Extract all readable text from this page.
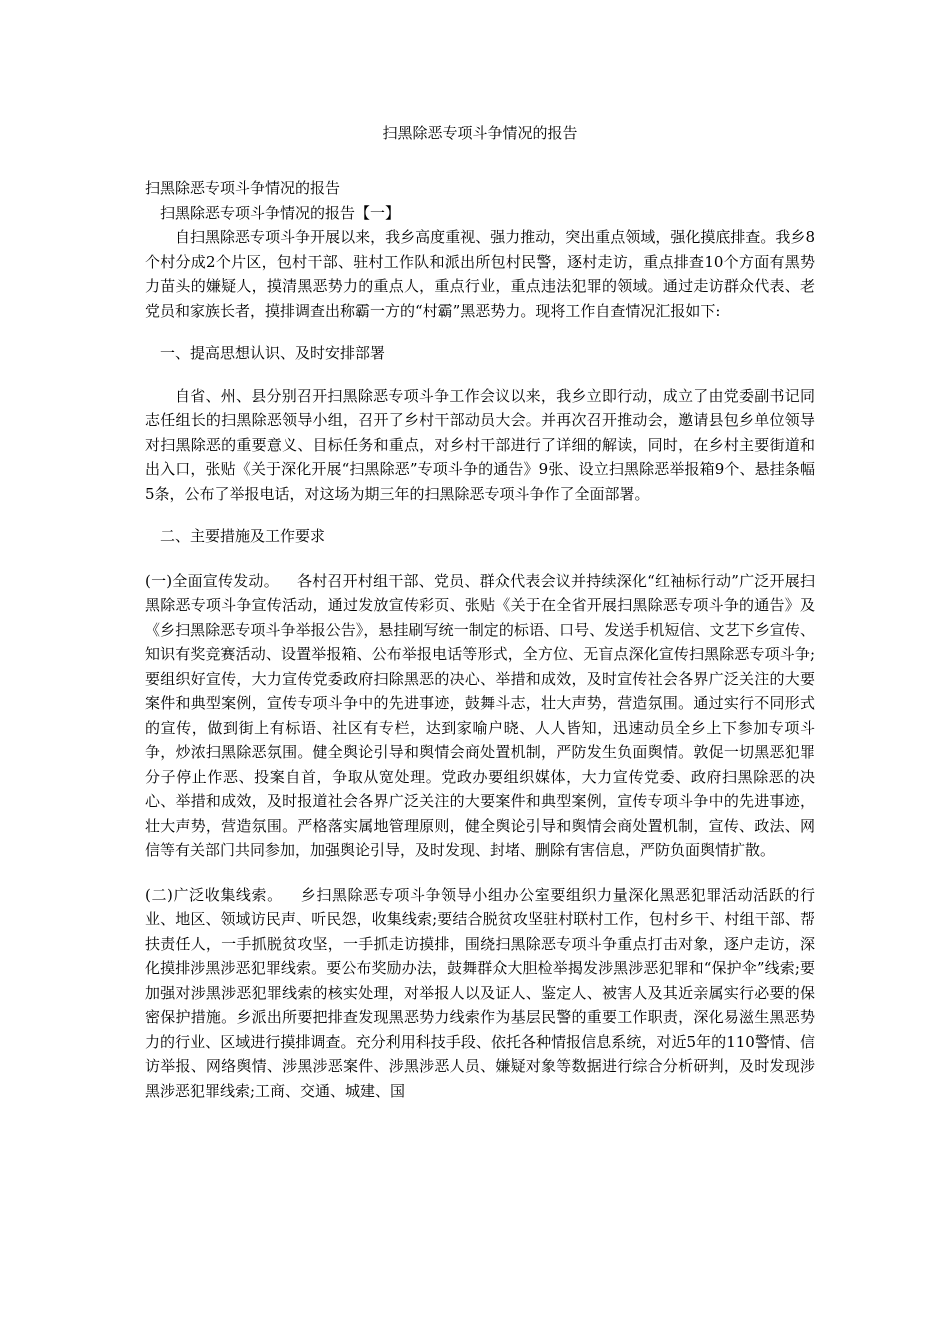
扫黑除恶专项斗争情况的报告

扫黑除恶专项斗争情况的报告

扫黑除恶专项斗争情况的报告【一】

自扫黑除恶专项斗争开展以来，我乡高度重视、强力推动，突出重点领域，强化摸底排查。我乡8个村分成2个片区，包村干部、驻村工作队和派出所包村民警，逐村走访，重点排查10个方面有黑势力苗头的嫌疑人，摸清黑恶势力的重点人，重点行业，重点违法犯罪的领域。通过走访群众代表、老党员和家族长者，摸排调查出称霸一方的“村霸”黑恶势力。现将工作自查情况汇报如下:

一、提高思想认识、及时安排部署

自省、州、县分别召开扫黑除恶专项斗争工作会议以来，我乡立即行动，成立了由党委副书记同志任组长的扫黑除恶领导小组，召开了乡村干部动员大会。并再次召开推动会，邀请县包乡单位领导对扫黑除恶的重要意义、目标任务和重点，对乡村干部进行了详细的解读，同时，在乡村主要街道和出入口，张贴《关于深化开展“扫黑除恶”专项斗争的通告》9张、设立扫黑除恶举报箱9个、悬挂条幅5条，公布了举报电话，对这场为期三年的扫黑除恶专项斗争作了全面部署。

二、主要措施及工作要求

(一)全面宣传发动。 各村召开村组干部、党员、群众代表会议并持续深化“红袖标行动”广泛开展扫黑除恶专项斗争宣传活动，通过发放宣传彩页、张贴《关于在全省开展扫黑除恶专项斗争的通告》及《乡扫黑除恶专项斗争举报公告》，悬挂刷写统一制定的标语、口号、发送手机短信、文艺下乡宣传、知识有奖竞赛活动、设置举报箱、公布举报电话等形式，全方位、无盲点深化宣传扫黑除恶专项斗争;要组织好宣传，大力宣传党委政府扫除黑恶的决心、举措和成效，及时宣传社会各界广泛关注的大要案件和典型案例，宣传专项斗争中的先进事迹，鼓舞斗志，壮大声势，营造氛围。通过实行不同形式的宣传，做到街上有标语、社区有专栏，达到家喻户晓、人人皆知，迅速动员全乡上下参加专项斗争，炒浓扫黑除恶氛围。健全舆论引导和舆情会商处置机制，严防发生负面舆情。敦促一切黑恶犯罪分子停止作恶、投案自首，争取从宽处理。党政办要组织媒体，大力宣传党委、政府扫黑除恶的决心、举措和成效，及时报道社会各界广泛关注的大要案件和典型案例，宣传专项斗争中的先进事迹，壮大声势，营造氛围。严格落实属地管理原则，健全舆论引导和舆情会商处置机制，宣传、政法、网信等有关部门共同参加，加强舆论引导，及时发现、封堵、删除有害信息，严防负面舆情扩散。

(二)广泛收集线索。 乡扫黑除恶专项斗争领导小组办公室要组织力量深化黑恶犯罪活动活跃的行业、地区、领域访民声、听民怨，收集线索;要结合脱贫攻坚驻村联村工作，包村乡干、村组干部、帮扶责任人，一手抓脱贫攻坚，一手抓走访摸排，围绕扫黑除恶专项斗争重点打击对象，逐户走访，深化摸排涉黑涉恶犯罪线索。要公布奖励办法，鼓舞群众大胆检举揭发涉黑涉恶犯罪和“保护伞”线索;要加强对涉黑涉恶犯罪线索的核实处理，对举报人以及证人、鉴定人、被害人及其近亲属实行必要的保密保护措施。乡派出所要把排查发现黑恶势力线索作为基层民警的重要工作职责，深化易滋生黑恶势力的行业、区域进行摸排调查。充分利用科技手段、依托各种情报信息系统，对近5年的110警情、信访举报、网络舆情、涉黑涉恶案件、涉黑涉恶人员、嫌疑对象等数据进行综合分析研判，及时发现涉黑涉恶犯罪线索;工商、交通、城建、国
